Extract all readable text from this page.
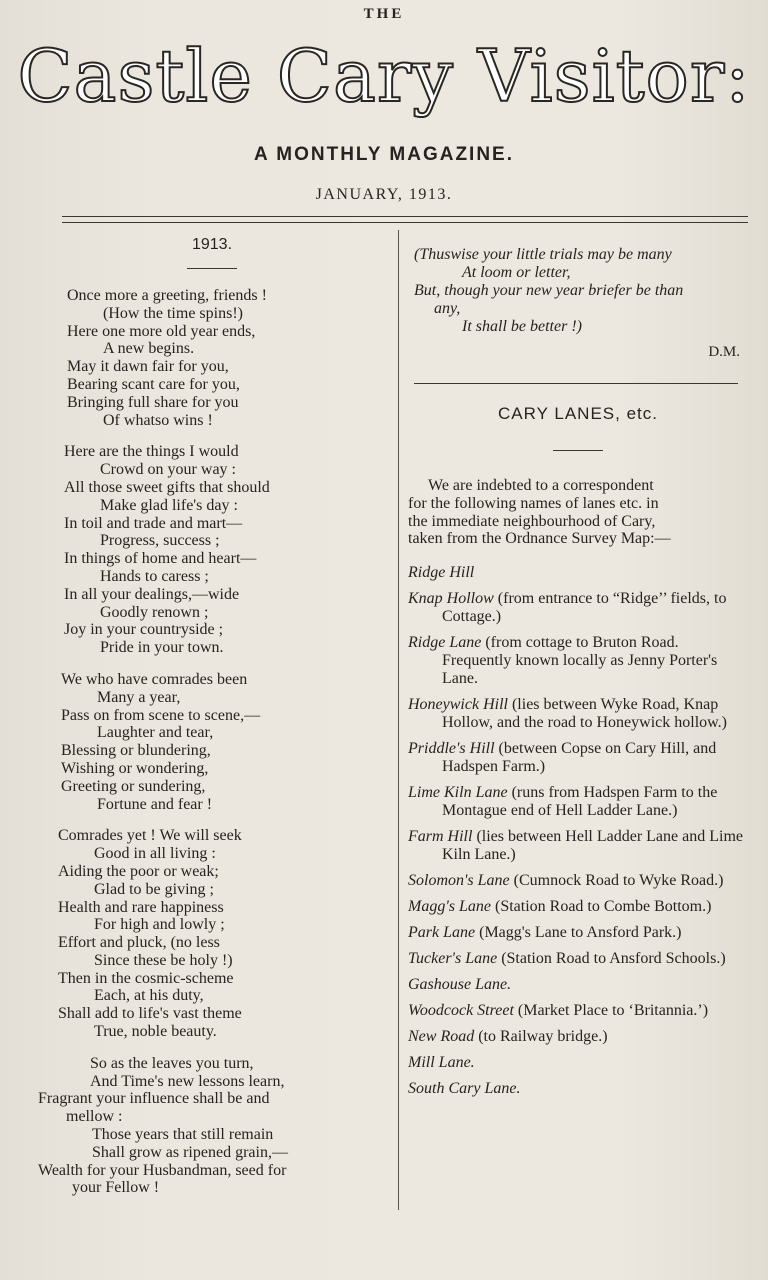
THE
Castle Cary Visitor:
A MONTHLY MAGAZINE.
JANUARY, 1913.
1913.
Once more a greeting, friends !
(How the time spins!)
Here one more old year ends,
A new begins.
May it dawn fair for you,
Bearing scant care for you,
Bringing full share for you
Of whatso wins !
Here are the things I would
Crowd on your way :
All those sweet gifts that should
Make glad life's day :
In toil and trade and mart—
Progress, success ;
In things of home and heart—
Hands to caress ;
In all your dealings,—wide
Goodly renown ;
Joy in your countryside ;
Pride in your town.
We who have comrades been
Many a year,
Pass on from scene to scene,—
Laughter and tear,
Blessing or blundering,
Wishing or wondering,
Greeting or sundering,
Fortune and fear !
Comrades yet ! We will seek
Good in all living :
Aiding the poor or weak;
Glad to be giving ;
Health and rare happiness
For high and lowly ;
Effort and pluck, (no less
Since these be holy !)
Then in the cosmic-scheme
Each, at his duty,
Shall add to life's vast theme
True, noble beauty.
So as the leaves you turn,
And Time's new lessons learn,
Fragrant your influence shall be and
mellow :
Those years that still remain
Shall grow as ripened grain,—
Wealth for your Husbandman, seed for
your Fellow !
(Thuswise your little trials may be many
At loom or letter,
But, though your new year briefer be than
any,
It shall be better !)
D.M.
CARY LANES, etc.
We are indebted to a correspondent
for the following names of lanes etc. in
the immediate neighbourhood of Cary,
taken from the Ordnance Survey Map:—
Ridge Hill
Knap Hollow (from entrance to “Ridge’’ fields, to Cottage.)
Ridge Lane (from cottage to Bruton Road. Frequently known locally as Jenny Porter's Lane.
Honeywick Hill (lies between Wyke Road, Knap Hollow, and the road to Honeywick hollow.)
Priddle's Hill (between Copse on Cary Hill, and Hadspen Farm.)
Lime Kiln Lane (runs from Hadspen Farm to the Montague end of Hell Ladder Lane.)
Farm Hill (lies between Hell Ladder Lane and Lime Kiln Lane.)
Solomon's Lane (Cumnock Road to Wyke Road.)
Magg's Lane (Station Road to Combe Bottom.)
Park Lane (Magg's Lane to Ansford Park.)
Tucker's Lane (Station Road to Ansford Schools.)
Gashouse Lane.
Woodcock Street (Market Place to ‘Britannia.’)
New Road (to Railway bridge.)
Mill Lane.
South Cary Lane.
